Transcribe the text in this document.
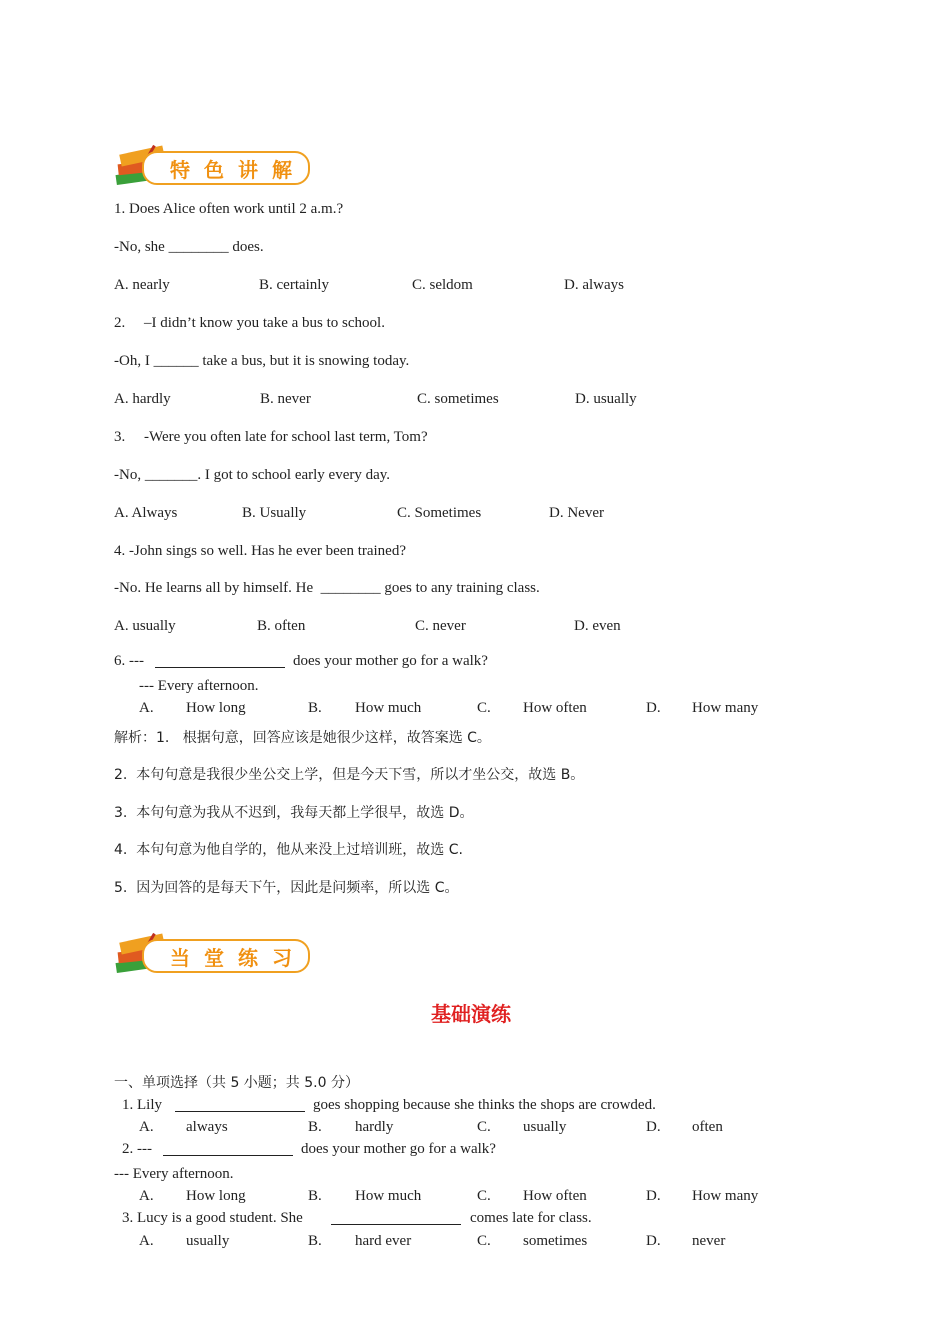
特色讲解
1. Does Alice often work until 2 a.m.?
-No, she ________ does.
A. nearly	B. certainly	C. seldom	D. always
2.     –I didn’t know you take a bus to school.
-Oh, I ______ take a bus, but it is snowing today.
A. hardly	B. never	C. sometimes	D. usually
3.     -Were you often late for school last term, Tom?
-No, _______. I got to school early every day.
A. Always	B. Usually	C. Sometimes	D. Never
4. -John sings so well. Has he ever been trained?
-No. He learns all by himself. He  ________ goes to any training class.
A. usually	B. often	C. never	D. even
6. ---	does your mother go for a walk?
--- Every afternoon.
A. How long	B. How much	C. How often	D. How many
解析：1.   根据句意，回答应该是她很少这样，故答案选 C。
2.  本句句意是我很少坐公交上学，但是今天下雪，所以才坐公交，故选 B。
3.  本句句意为我从不迟到，我每天都上学很早，故选 D。
4.  本句句意为他自学的，他从来没上过培训班，故选 C.
5.  因为回答的是每天下午，因此是问频率，所以选 C。
当堂练习
基础演练
一、单项选择（共 5 小题；共 5.0 分）
1. Lily	goes shopping because she thinks the shops are crowded.
A. always	B. hardly	C. usually	D. often
2. ---	does your mother go for a walk?
--- Every afternoon.
A. How long	B. How much	C. How often	D. How many
3. Lucy is a good student. She	comes late for class.
A. usually	B. hard ever	C. sometimes	D. never
